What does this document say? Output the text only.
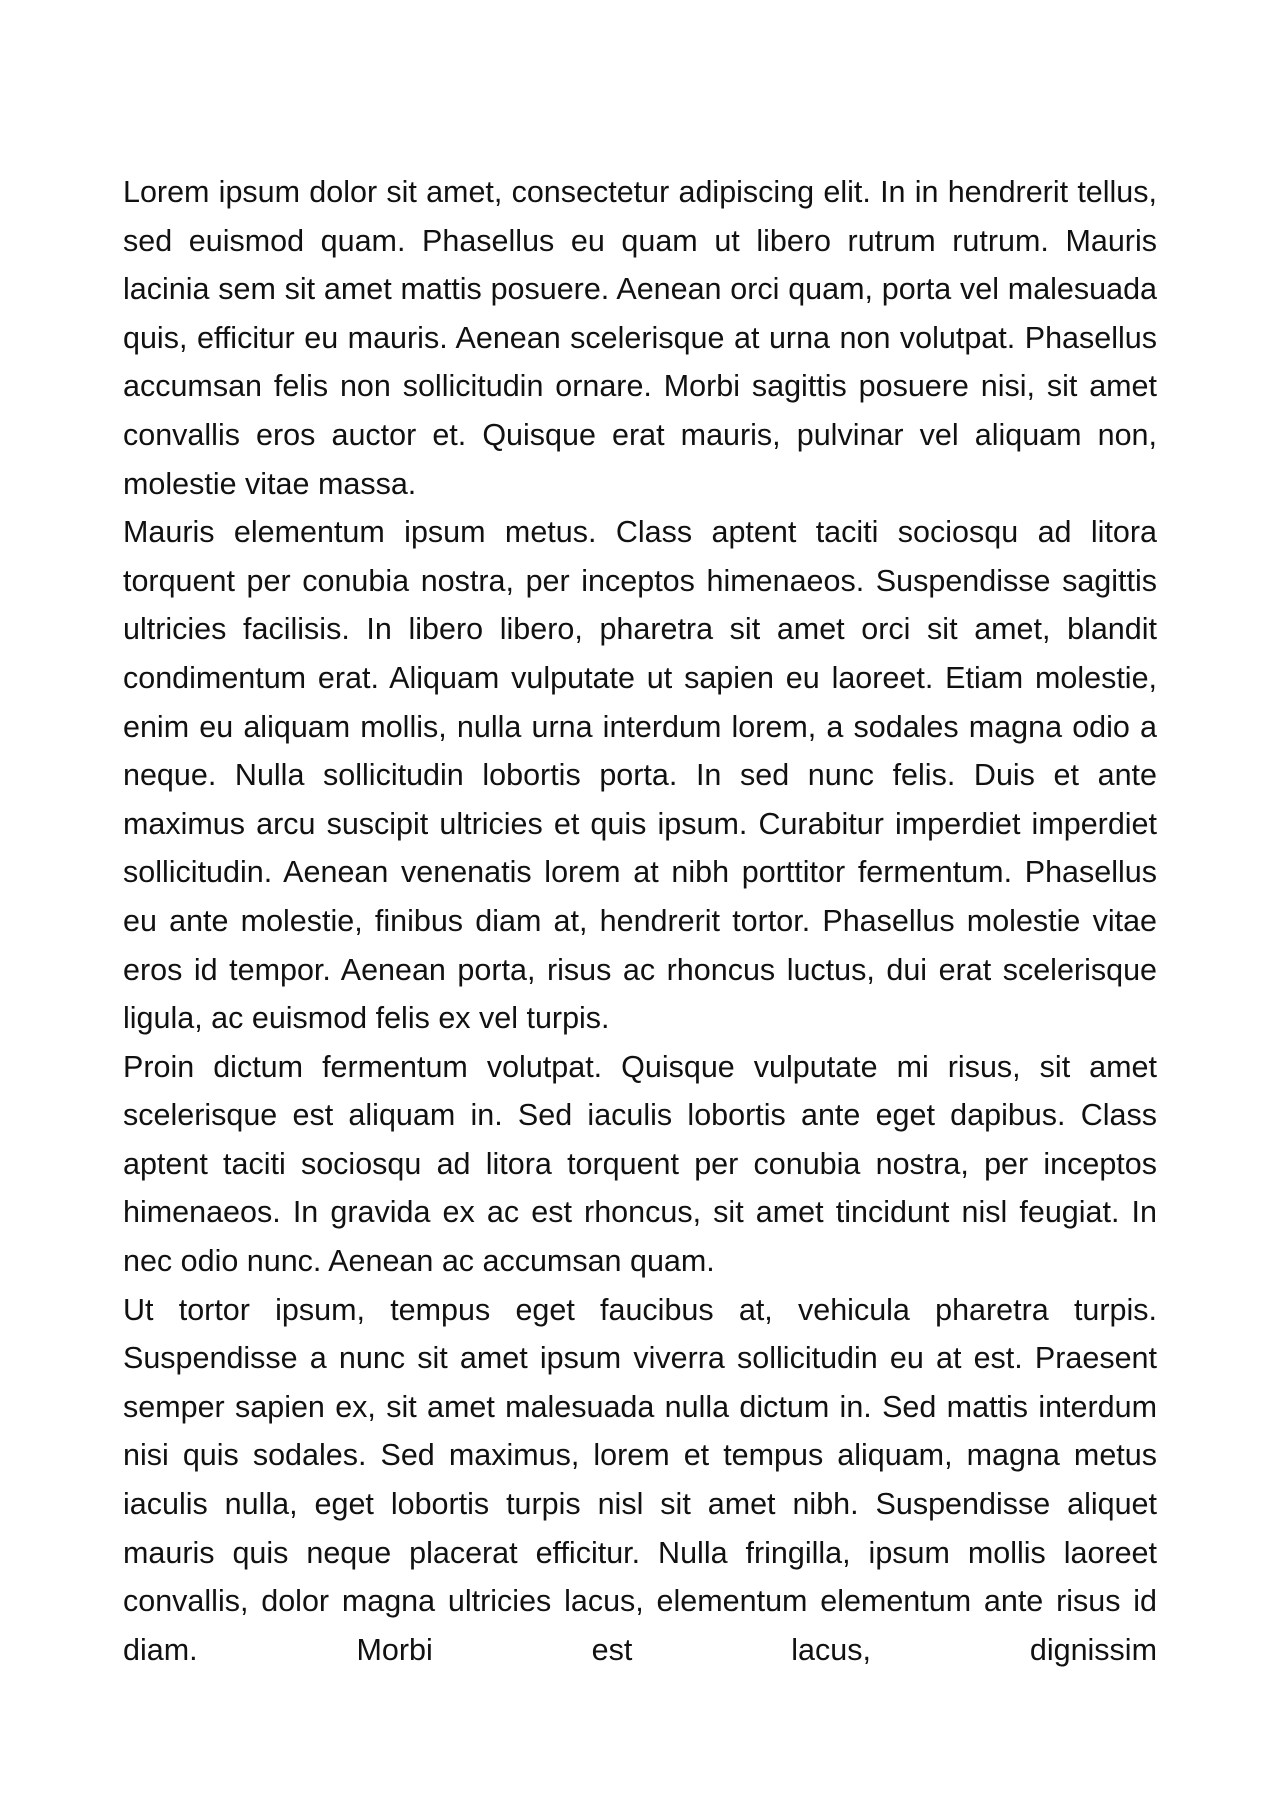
Lorem ipsum dolor sit amet, consectetur adipiscing elit. In in hendrerit tellus, sed euismod quam. Phasellus eu quam ut libero rutrum rutrum. Mauris lacinia sem sit amet mattis posuere. Aenean orci quam, porta vel malesuada quis, efficitur eu mauris. Aenean scelerisque at urna non volutpat. Phasellus accumsan felis non sollicitudin ornare. Morbi sagittis posuere nisi, sit amet convallis eros auctor et. Quisque erat mauris, pulvinar vel aliquam non, molestie vitae massa.

Mauris elementum ipsum metus. Class aptent taciti sociosqu ad litora torquent per conubia nostra, per inceptos himenaeos. Suspendisse sagittis ultricies facilisis. In libero libero, pharetra sit amet orci sit amet, blandit condimentum erat. Aliquam vulputate ut sapien eu laoreet. Etiam molestie, enim eu aliquam mollis, nulla urna interdum lorem, a sodales magna odio a neque. Nulla sollicitudin lobortis porta. In sed nunc felis. Duis et ante maximus arcu suscipit ultricies et quis ipsum. Curabitur imperdiet imperdiet sollicitudin. Aenean venenatis lorem at nibh porttitor fermentum. Phasellus eu ante molestie, finibus diam at, hendrerit tortor. Phasellus molestie vitae eros id tempor. Aenean porta, risus ac rhoncus luctus, dui erat scelerisque ligula, ac euismod felis ex vel turpis.

Proin dictum fermentum volutpat. Quisque vulputate mi risus, sit amet scelerisque est aliquam in. Sed iaculis lobortis ante eget dapibus. Class aptent taciti sociosqu ad litora torquent per conubia nostra, per inceptos himenaeos. In gravida ex ac est rhoncus, sit amet tincidunt nisl feugiat. In nec odio nunc. Aenean ac accumsan quam.

Ut tortor ipsum, tempus eget faucibus at, vehicula pharetra turpis. Suspendisse a nunc sit amet ipsum viverra sollicitudin eu at est. Praesent semper sapien ex, sit amet malesuada nulla dictum in. Sed mattis interdum nisi quis sodales. Sed maximus, lorem et tempus aliquam, magna metus iaculis nulla, eget lobortis turpis nisl sit amet nibh. Suspendisse aliquet mauris quis neque placerat efficitur. Nulla fringilla, ipsum mollis laoreet convallis, dolor magna ultricies lacus, elementum elementum ante risus id diam. Morbi est lacus, dignissim
